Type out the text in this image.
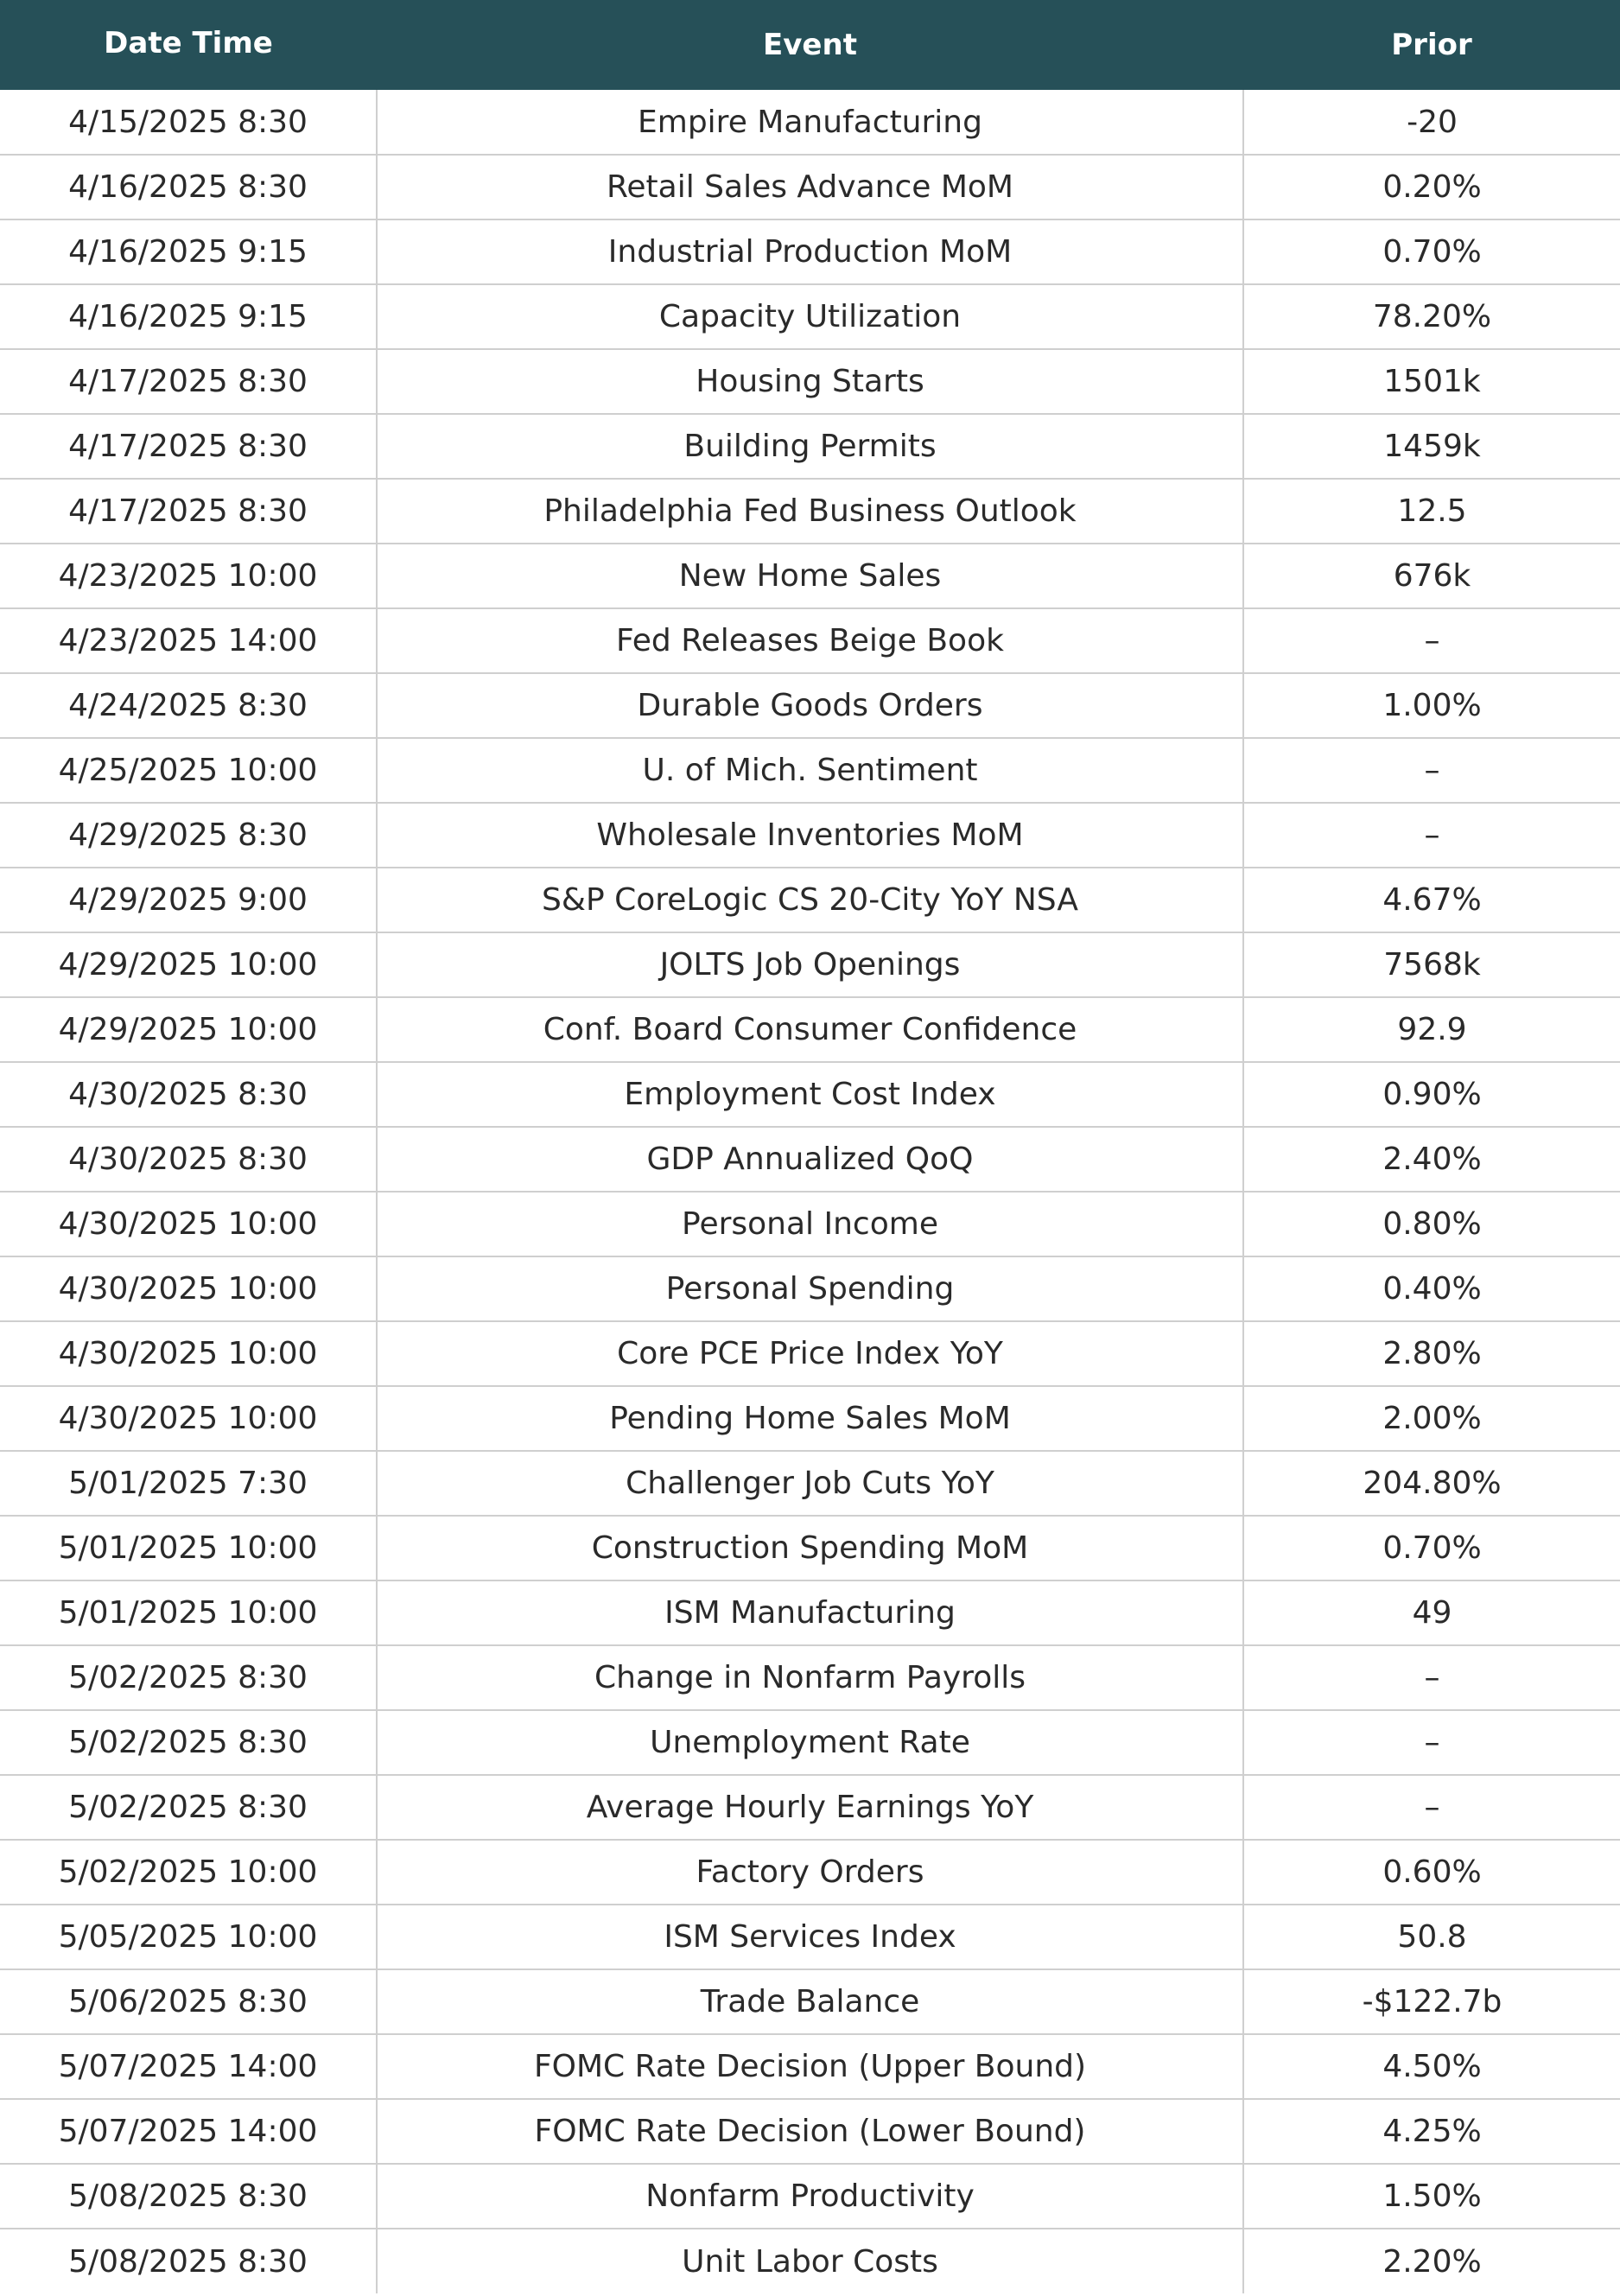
Date Time	Event	Prior
4/15/2025 8:30	Empire Manufacturing	-20
4/16/2025 8:30	Retail Sales Advance MoM	0.20%
4/16/2025 9:15	Industrial Production MoM	0.70%
4/16/2025 9:15	Capacity Utilization	78.20%
4/17/2025 8:30	Housing Starts	1501k
4/17/2025 8:30	Building Permits	1459k
4/17/2025 8:30	Philadelphia Fed Business Outlook	12.5
4/23/2025 10:00	New Home Sales	676k
4/23/2025 14:00	Fed Releases Beige Book	–
4/24/2025 8:30	Durable Goods Orders	1.00%
4/25/2025 10:00	U. of Mich. Sentiment	–
4/29/2025 8:30	Wholesale Inventories MoM	–
4/29/2025 9:00	S&P CoreLogic CS 20-City YoY NSA	4.67%
4/29/2025 10:00	JOLTS Job Openings	7568k
4/29/2025 10:00	Conf. Board Consumer Confidence	92.9
4/30/2025 8:30	Employment Cost Index	0.90%
4/30/2025 8:30	GDP Annualized QoQ	2.40%
4/30/2025 10:00	Personal Income	0.80%
4/30/2025 10:00	Personal Spending	0.40%
4/30/2025 10:00	Core PCE Price Index YoY	2.80%
4/30/2025 10:00	Pending Home Sales MoM	2.00%
5/01/2025 7:30	Challenger Job Cuts YoY	204.80%
5/01/2025 10:00	Construction Spending MoM	0.70%
5/01/2025 10:00	ISM Manufacturing	49
5/02/2025 8:30	Change in Nonfarm Payrolls	–
5/02/2025 8:30	Unemployment Rate	–
5/02/2025 8:30	Average Hourly Earnings YoY	–
5/02/2025 10:00	Factory Orders	0.60%
5/05/2025 10:00	ISM Services Index	50.8
5/06/2025 8:30	Trade Balance	-$122.7b
5/07/2025 14:00	FOMC Rate Decision (Upper Bound)	4.50%
5/07/2025 14:00	FOMC Rate Decision (Lower Bound)	4.25%
5/08/2025 8:30	Nonfarm Productivity	1.50%
5/08/2025 8:30	Unit Labor Costs	2.20%
